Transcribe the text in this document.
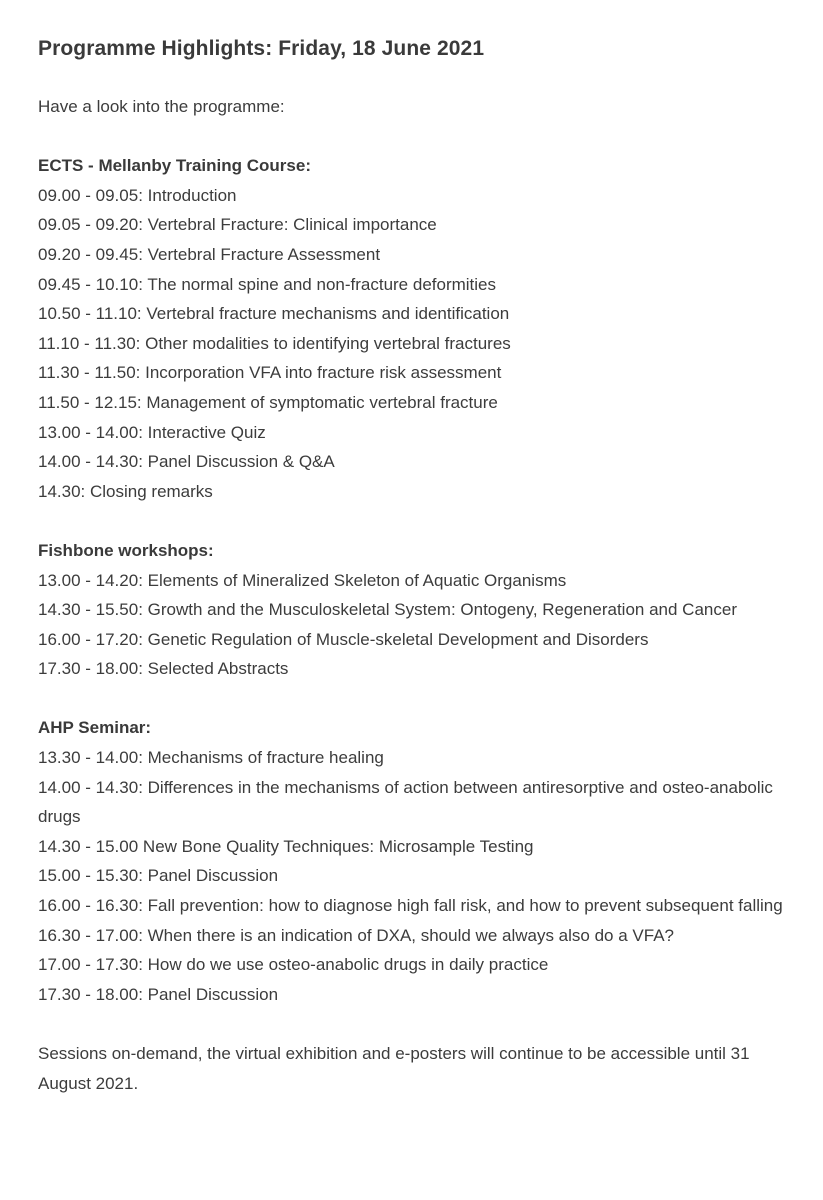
Programme Highlights: Friday, 18 June 2021

Have a look into the programme:

ECTS - Mellanby Training Course:

09.00 - 09.05: Introduction

09.05 - 09.20: Vertebral Fracture: Clinical importance

09.20 - 09.45: Vertebral Fracture Assessment

09.45 - 10.10: The normal spine and non-fracture deformities

10.50 - 11.10: Vertebral fracture mechanisms and identification

11.10 - 11.30: Other modalities to identifying vertebral fractures

11.30 - 11.50: Incorporation VFA into fracture risk assessment

11.50 - 12.15: Management of symptomatic vertebral fracture

13.00 - 14.00: Interactive Quiz

14.00 - 14.30: Panel Discussion & Q&A

14.30: Closing remarks

Fishbone workshops:

13.00 - 14.20: Elements of Mineralized Skeleton of Aquatic Organisms

14.30 - 15.50: Growth and the Musculoskeletal System: Ontogeny, Regeneration and Cancer

16.00 - 17.20: Genetic Regulation of Muscle-skeletal Development and Disorders

17.30 - 18.00: Selected Abstracts

AHP Seminar:

13.30 - 14.00: Mechanisms of fracture healing

14.00 - 14.30: Differences in the mechanisms of action between antiresorptive and osteo-anabolic drugs

14.30 - 15.00 New Bone Quality Techniques: Microsample Testing

15.00 - 15.30: Panel Discussion

16.00 - 16.30: Fall prevention: how to diagnose high fall risk, and how to prevent subsequent falling

16.30 - 17.00: When there is an indication of DXA, should we always also do a VFA?

17.00 - 17.30: How do we use osteo-anabolic drugs in daily practice

17.30 - 18.00: Panel Discussion

Sessions on-demand, the virtual exhibition and e-posters will continue to be accessible until 31 August 2021.
